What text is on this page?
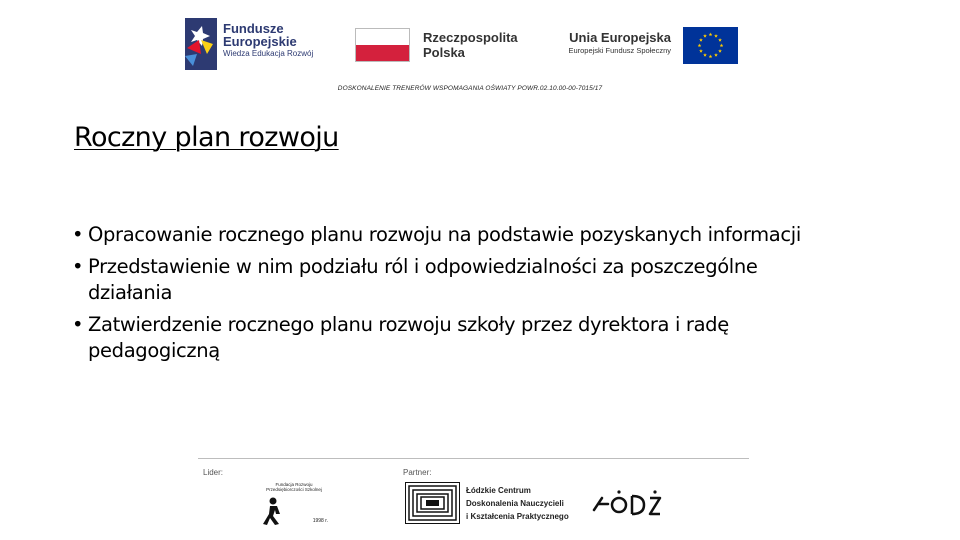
Fundusze
Europejskie
Wiedza Edukacja Rozwój
Rzeczpospolita
Polska
Unia Europejska
Europejski Fundusz Społeczny
DOSKONALENIE TRENERÓW WSPOMAGANIA OŚWIATY POWR.02.10.00-00-7015/17
Roczny plan rozwoju
• Opracowanie rocznego planu rozwoju na podstawie pozyskanych informacji
• Przedstawienie w nim podziału ról i odpowiedzialności za poszczególne działania
• Zatwierdzenie rocznego planu rozwoju szkoły przez dyrektora i radę pedagogiczną
Lider:	Partner:
Fundacja Rozwoju Przedsiębiorczości Szkolnej
1998 r.
Łódzkie Centrum
Doskonalenia Nauczycieli
i Kształcenia Praktycznego
